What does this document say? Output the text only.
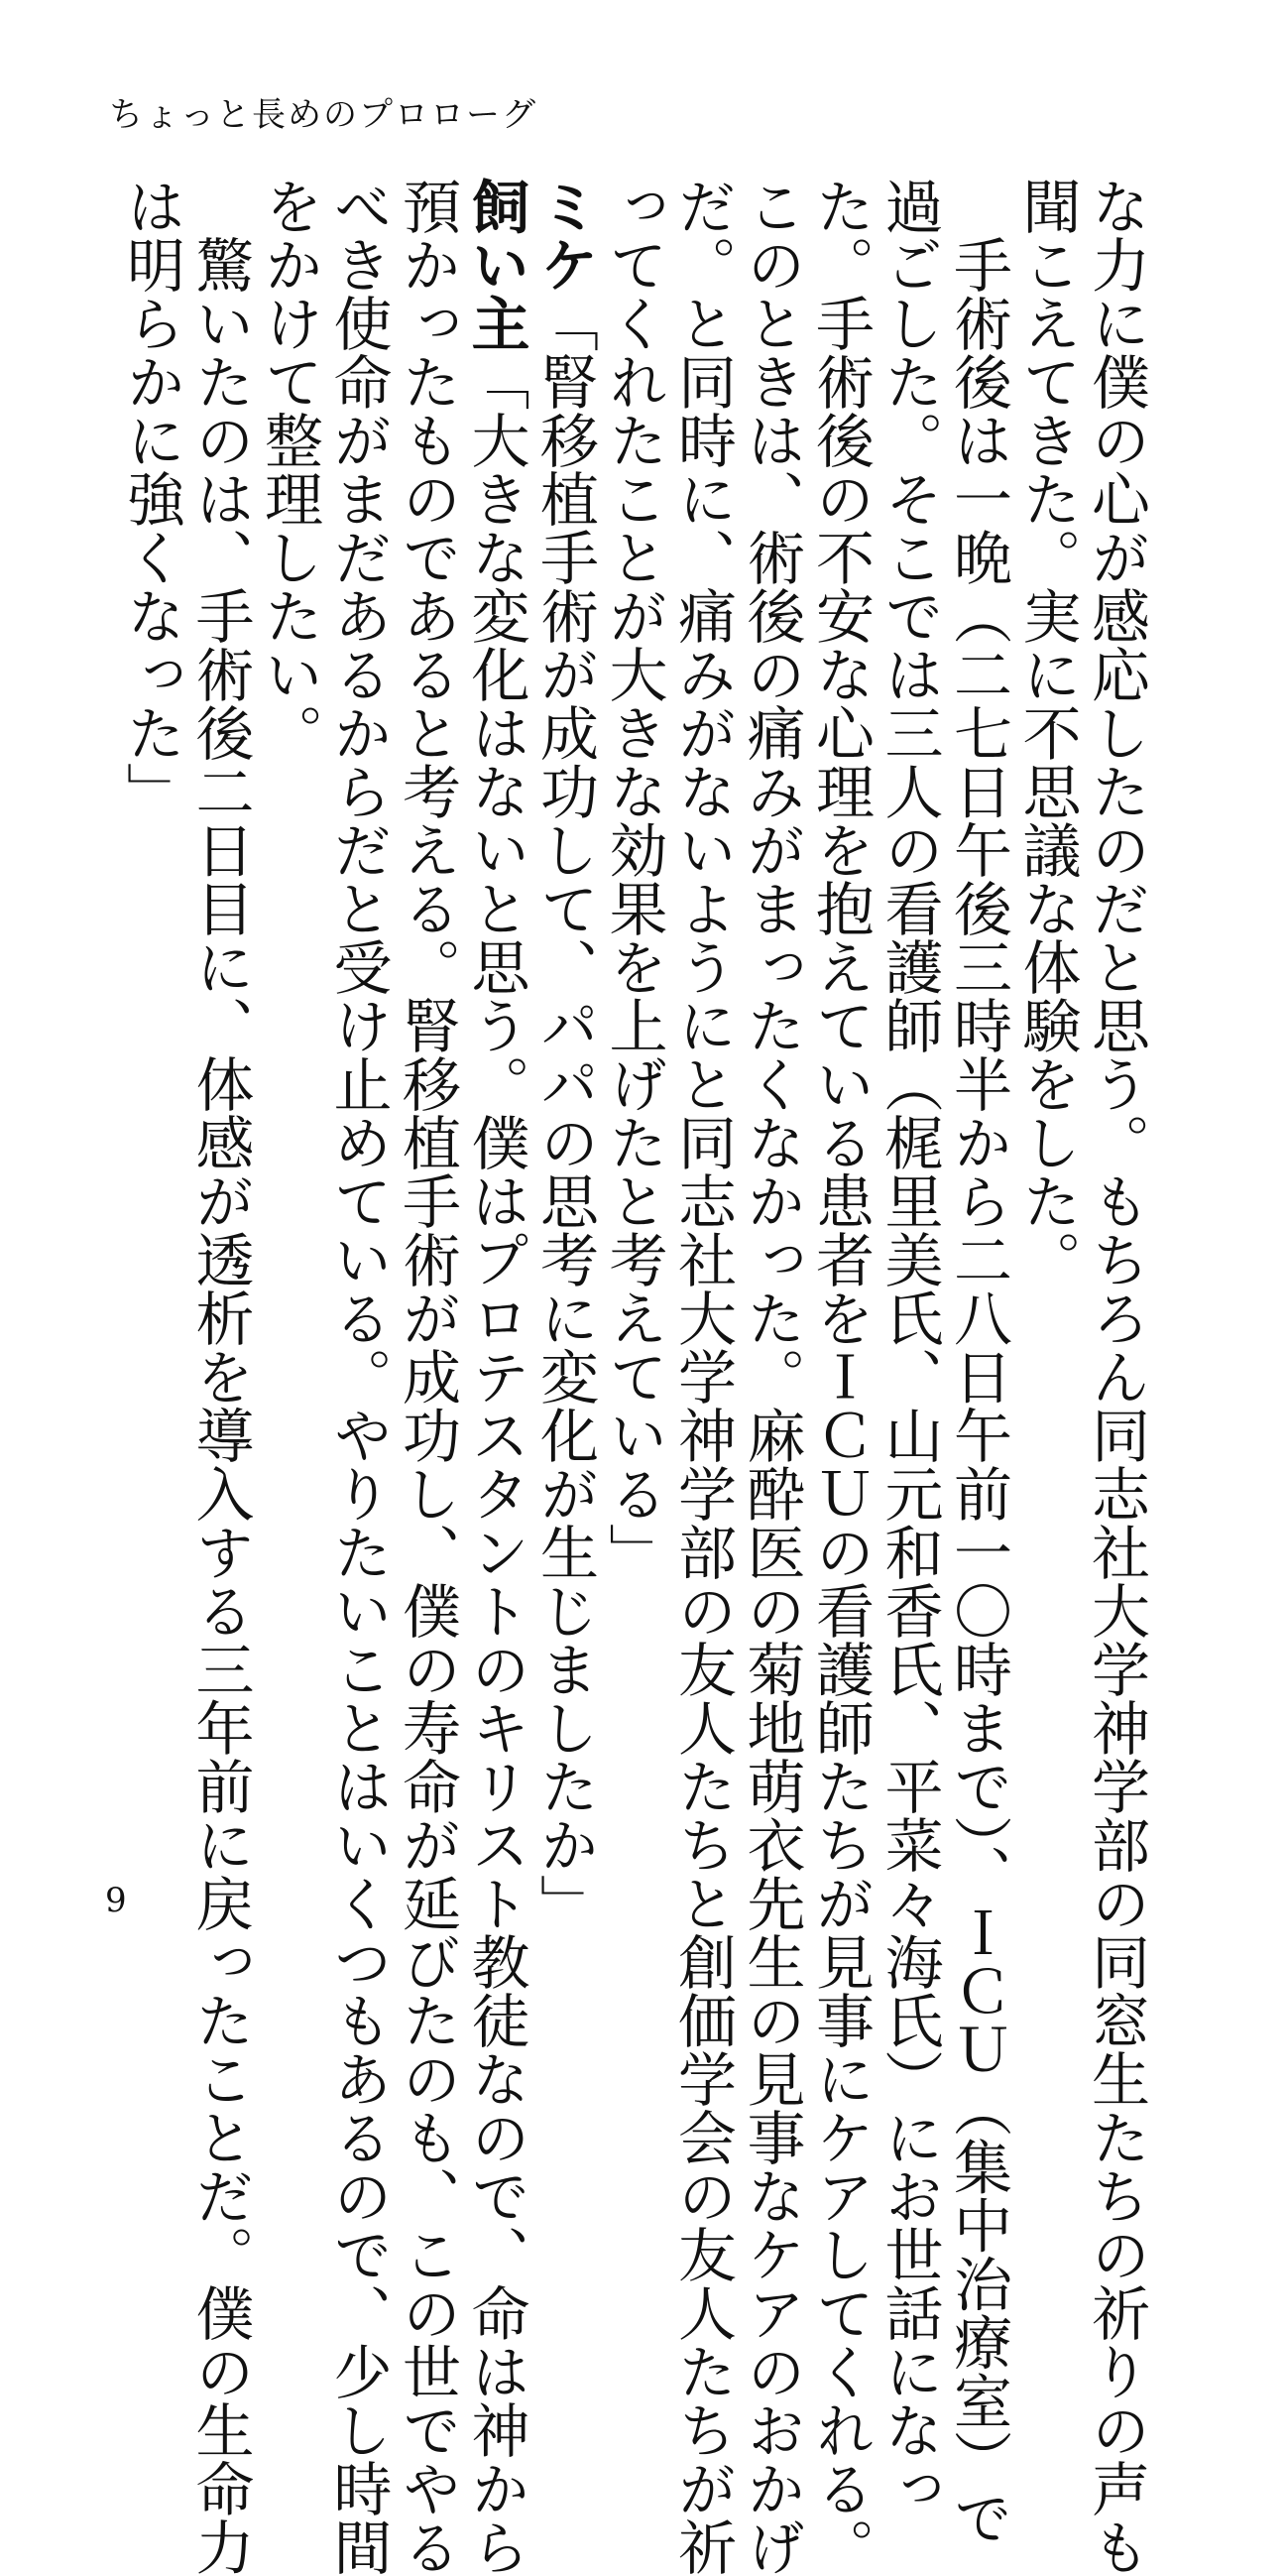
ちょっと長めのプロローグ
な力に僕の心が感応したのだと思う。もちろん同志社大学神学部の同窓生たちの祈りの声も
聞こえてきた。実に不思議な体験をした。
手術後は一晩（二七日午後三時半から二八日午前一〇時まで）、ＩＣＵ（集中治療室）で
過ごした。そこでは三人の看護師（梶里美氏、山元和香氏、平菜々海氏）にお世話になっ
た。手術後の不安な心理を抱えている患者をＩＣＵの看護師たちが見事にケアしてくれる。
このときは、術後の痛みがまったくなかった。麻酔医の菊地萌衣先生の見事なケアのおかげ
だ。と同時に、痛みがないようにと同志社大学神学部の友人たちと創価学会の友人たちが祈
ってくれたことが大きな効果を上げたと考えている」
ミケ「腎移植手術が成功して、パパの思考に変化が生じましたか」
飼い主「大きな変化はないと思う。僕はプロテスタントのキリスト教徒なので、命は神から
預かったものであると考える。腎移植手術が成功し、僕の寿命が延びたのも、この世でやる
べき使命がまだあるからだと受け止めている。やりたいことはいくつもあるので、少し時間
をかけて整理したい。
驚いたのは、手術後二日目に、体感が透析を導入する三年前に戻ったことだ。僕の生命力
は明らかに強くなった」
9
